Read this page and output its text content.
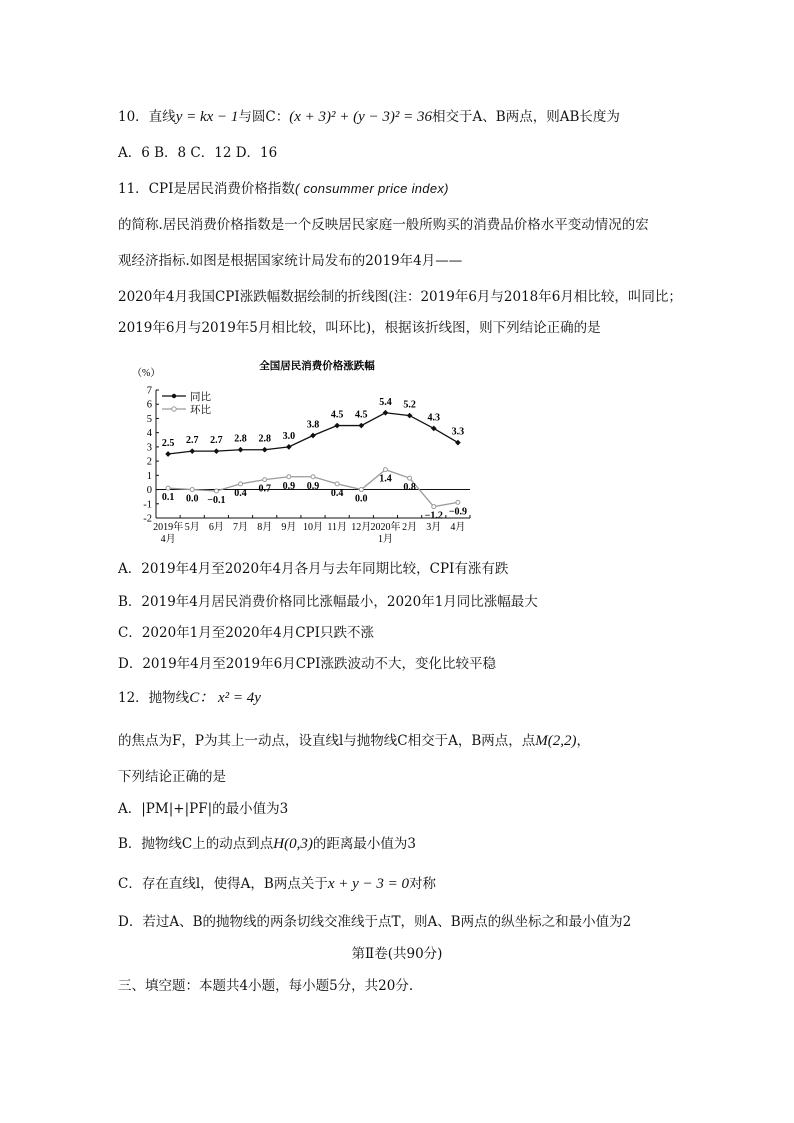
10．直线y = kx − 1与圆C：(x + 3)² + (y − 3)² = 36相交于A、B两点，则AB长度为
A．6 B．8 C．12 D．16
11．CPI是居民消费价格指数( consummer price index)
的简称.居民消费价格指数是一个反映居民家庭一般所购买的消费品价格水平变动情况的宏
观经济指标.如图是根据国家统计局发布的2019年4月——
2020年4月我国CPI涨跌幅数据绘制的折线图(注：2019年6月与2018年6月相比较，叫同比；
2019年6月与2019年5月相比较，叫环比)，根据该折线图，则下列结论正确的是
全国居民消费价格涨跌幅
（%）
7
6
5
4
3
2
1
0
-1
-2
2019年
4月
5月 6月 7月 8月 9月 10月 11月 12月 2020年
1月
2月 3月 4月
同比
环比
2.5 2.7 2.7 2.8 2.8 3.0
3.8
4.5 4.5
5.4 5.2
4.3
3.3
0.1 0.0 −0.1
0.4 0.7 0.9 0.9
0.4
0.0
1.4
0.8
−1.2 −0.9
A．2019年4月至2020年4月各月与去年同期比较，CPI有涨有跌
B．2019年4月居民消费价格同比涨幅最小，2020年1月同比涨幅最大
C．2020年1月至2020年4月CPI只跌不涨
D．2019年4月至2019年6月CPI涨跌波动不大，变化比较平稳
12．抛物线C： x² = 4y
的焦点为F，P为其上一动点，设直线l与抛物线C相交于A，B两点，点M(2,2)，
下列结论正确的是
A．|PM|+|PF|的最小值为3
B．抛物线C上的动点到点H(0,3)的距离最小值为3
C．存在直线l，使得A，B两点关于x + y − 3 = 0对称
D．若过A、B的抛物线的两条切线交准线于点T，则A、B两点的纵坐标之和最小值为2
第Ⅱ卷(共90分)
三、填空题：本题共4小题，每小题5分，共20分.
